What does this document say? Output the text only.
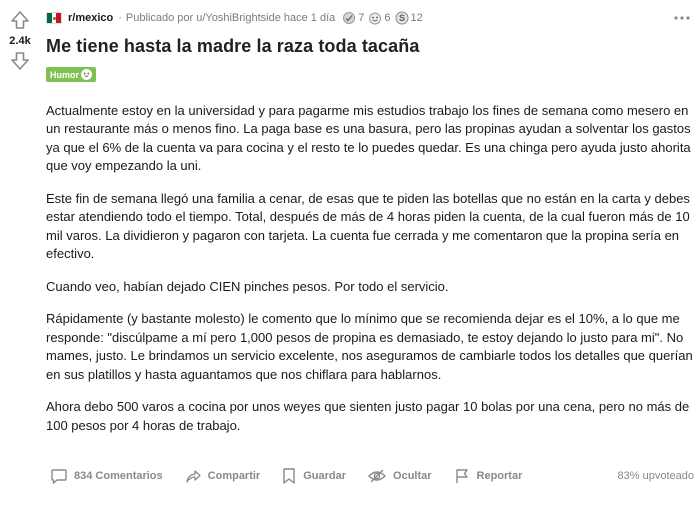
2.4k
r/mexico · Publicado por u/YoshiBrightside hace 1 día 7 6 S 12
Me tiene hasta la madre la raza toda tacaña
Humor

Actualmente estoy en la universidad y para pagarme mis estudios trabajo los fines de semana como mesero en un restaurante más o menos fino. La paga base es una basura, pero las propinas ayudan a solventar los gastos ya que el 6% de la cuenta va para cocina y el resto te lo puedes quedar. Es una chinga pero ayuda justo ahorita que voy empezando la uni.

Este fin de semana llegó una familia a cenar, de esas que te piden las botellas que no están en la carta y debes estar atendiendo todo el tiempo. Total, después de más de 4 horas piden la cuenta, de la cual fueron más de 10 mil varos. La dividieron y pagaron con tarjeta. La cuenta fue cerrada y me comentaron que la propina sería en efectivo.

Cuando veo, habían dejado CIEN pinches pesos. Por todo el servicio.

Rápidamente (y bastante molesto) le comento que lo mínimo que se recomienda dejar es el 10%, a lo que me responde: "discúlpame a mí pero 1,000 pesos de propina es demasiado, te estoy dejando lo justo para mi". No mames, justo. Le brindamos un servicio excelente, nos aseguramos de cambiarle todos los detalles que querían en sus platillos y hasta aguantamos que nos chiflara para hablarnos.

Ahora debo 500 varos a cocina por unos weyes que sienten justo pagar 10 bolas por una cena, pero no más de 100 pesos por 4 horas de trabajo.

834 Comentarios	Compartir	Guardar	Ocultar	Reportar	83% upvoteado
